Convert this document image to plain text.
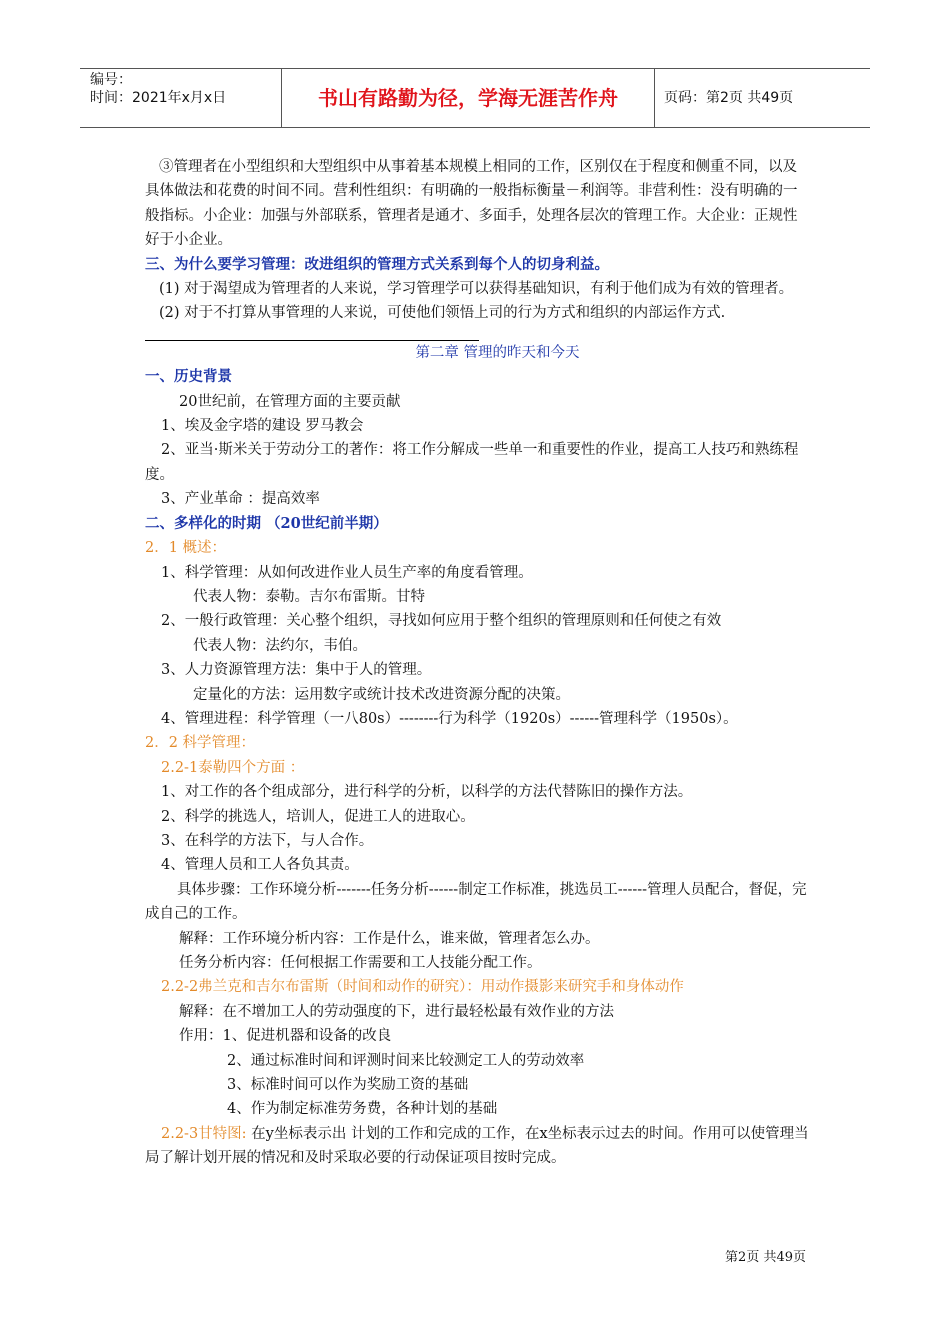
编号：
时间：2021年x月x日	书山有路勤为径，学海无涯苦作舟	页码：第2页 共49页

③管理者在小型组织和大型组织中从事着基本规模上相同的工作，区别仅在于程度和侧重不同，以及具体做法和花费的时间不同。营利性组织：有明确的一般指标衡量－利润等。非营利性：没有明确的一般指标。小企业：加强与外部联系，管理者是通才、多面手，处理各层次的管理工作。大企业：正规性好于小企业。

三、为什么要学习管理：改进组织的管理方式关系到每个人的切身利益。

(1) 对于渴望成为管理者的人来说，学习管理学可以获得基础知识，有利于他们成为有效的管理者。

(2) 对于不打算从事管理的人来说，可使他们领悟上司的行为方式和组织的内部运作方式.

第二章 管理的昨天和今天

一、历史背景

20世纪前，在管理方面的主要贡献

1、埃及金字塔的建设 罗马教会

2、亚当·斯米关于劳动分工的著作：将工作分解成一些单一和重要性的作业，提高工人技巧和熟练程度。

3、产业革命 ：提高效率

二、多样化的时期 （20世纪前半期）

2．1 概述：

1、科学管理：从如何改进作业人员生产率的角度看管理。

代表人物：泰勒。吉尔布雷斯。甘特

2、一般行政管理：关心整个组织，寻找如何应用于整个组织的管理原则和任何使之有效

代表人物：法约尔，韦伯。

3、人力资源管理方法：集中于人的管理。

定量化的方法：运用数字或统计技术改进资源分配的决策。

4、管理进程：科学管理（一八80s）--------行为科学（1920s）------管理科学（1950s）。

2．2 科学管理：

2.2-1泰勒四个方面 ：

1、对工作的各个组成部分，进行科学的分析，以科学的方法代替陈旧的操作方法。

2、科学的挑选人，培训人，促进工人的进取心。

3、在科学的方法下，与人合作。

4、管理人员和工人各负其责。

具体步骤：工作环境分析-------任务分析------制定工作标准，挑选员工------管理人员配合，督促，完成自己的工作。

解释：工作环境分析内容：工作是什么，谁来做，管理者怎么办。

任务分析内容：任何根据工作需要和工人技能分配工作。

2.2-2弗兰克和吉尔布雷斯（时间和动作的研究）：用动作摄影来研究手和身体动作

解释：在不增加工人的劳动强度的下，进行最轻松最有效作业的方法

作用：1、促进机器和设备的改良

2、通过标准时间和评测时间来比较测定工人的劳动效率

3、标准时间可以作为奖励工资的基础

4、作为制定标准劳务费，各种计划的基础

2.2-3甘特图: 在y坐标表示出 计划的工作和完成的工作，在x坐标表示过去的时间。作用可以使管理当局了解计划开展的情况和及时采取必要的行动保证项目按时完成。

第2页 共49页
